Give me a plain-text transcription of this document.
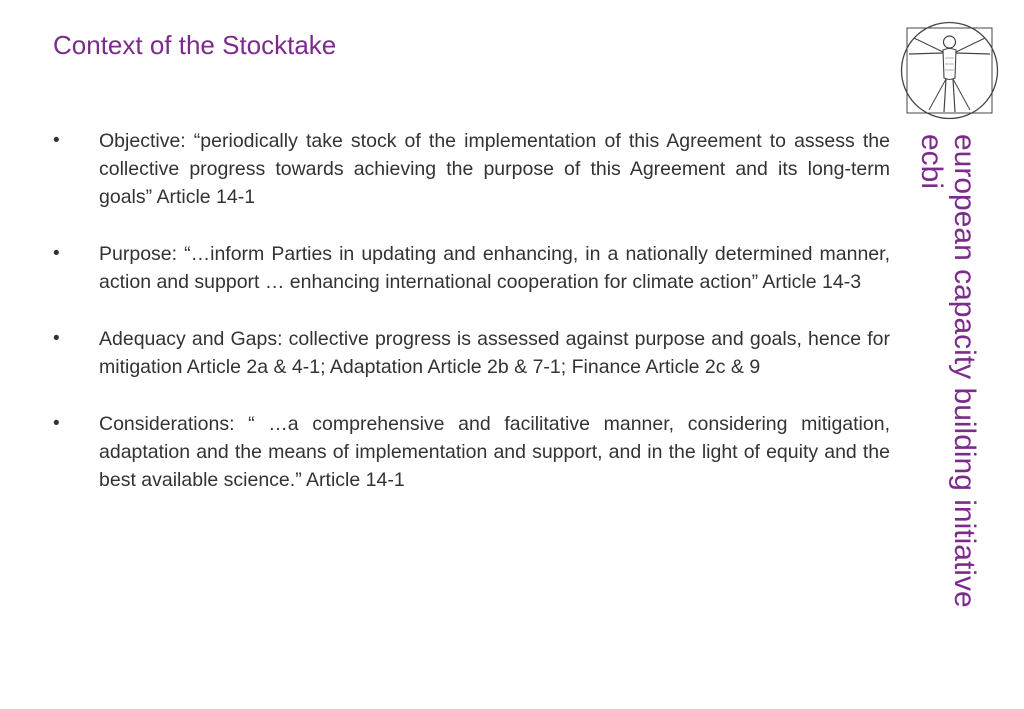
Context of the Stocktake
• Objective: “periodically take stock of the implementation of this Agreement to assess the collective progress towards achieving the purpose of this Agreement and its long-term goals” Article 14-1
• Purpose: “…inform Parties in updating and enhancing, in a nationally determined manner, action and support … enhancing international cooperation for climate action” Article 14-3
• Adequacy and Gaps: collective progress is assessed against purpose and goals, hence for mitigation Article 2a & 4-1; Adaptation Article 2b & 7-1; Finance Article 2c & 9
• Considerations: “ …a comprehensive and facilitative manner, considering mitigation, adaptation and the means of implementation and support, and in the light of equity and the best available science.” Article 14-1	european capacity building initiative
ecbi
